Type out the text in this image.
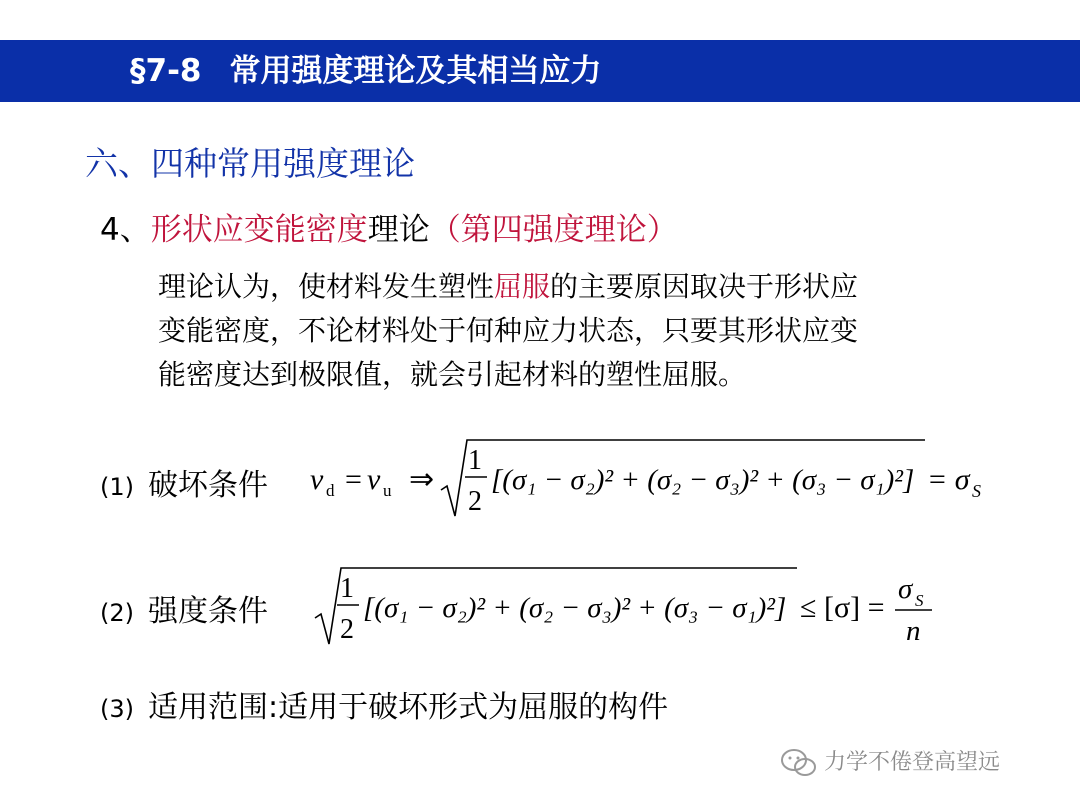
§7-8 常用强度理论及其相当应力
六、四种常用强度理论
4、形状应变能密度理论（第四强度理论）
理论认为，使材料发生塑性屈服的主要原因取决于形状应
变能密度，不论材料处于何种应力状态，只要其形状应变
能密度达到极限值，就会引起材料的塑性屈服。
(1) 破坏条件 v d = v u ⇒
1
2
[(σ₁ − σ₂)² + (σ₂ − σ₃)² + (σ₃ − σ₁)²] = σ S
(2) 强度条件
1
2
[(σ₁ − σ₂)² + (σ₂ − σ₃)² + (σ₃ − σ₁)²] ≤ [σ] =
σ S
n
(3) 适用范围:适用于破坏形式为屈服的构件
力学不倦登高望远
